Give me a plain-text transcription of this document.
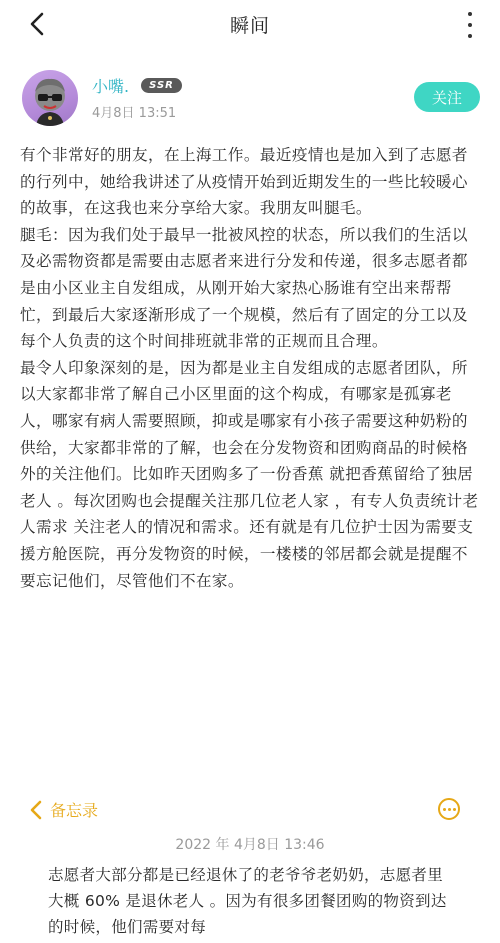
瞬间
小嘴.	SSR
4月8日 13:51
关注

有个非常好的朋友，在上海工作。最近疫情也是加入到了志愿者的行列中，她给我讲述了从疫情开始到近期发生的一些比较暖心的故事，在这我也来分享给大家。我朋友叫腿毛。

腿毛：因为我们处于最早一批被风控的状态，所以我们的生活以及必需物资都是需要由志愿者来进行分发和传递，很多志愿者都是由小区业主自发组成，从刚开始大家热心肠谁有空出来帮帮忙，到最后大家逐渐形成了一个规模，然后有了固定的分工以及每个人负责的这个时间排班就非常的正规而且合理。

最令人印象深刻的是，因为都是业主自发组成的志愿者团队，所以大家都非常了解自己小区里面的这个构成，有哪家是孤寡老人，哪家有病人需要照顾，抑或是哪家有小孩子需要这种奶粉的供给，大家都非常的了解，也会在分发物资和团购商品的时候格外的关注他们。比如昨天团购多了一份香蕉 就把香蕉留给了独居老人 。每次团购也会提醒关注那几位老人家 ，有专人负责统计老人需求 关注老人的情况和需求。还有就是有几位护士因为需要支援方舱医院，再分发物资的时候，一楼楼的邻居都会就是提醒不要忘记他们，尽管他们不在家。

备忘录
2022 年 4月8日 13:46
志愿者大部分都是已经退休了的老爷爷老奶奶，志愿者里大概 60% 是退休老人 。因为有很多团餐团购的物资到达的时候，他们需要对每
